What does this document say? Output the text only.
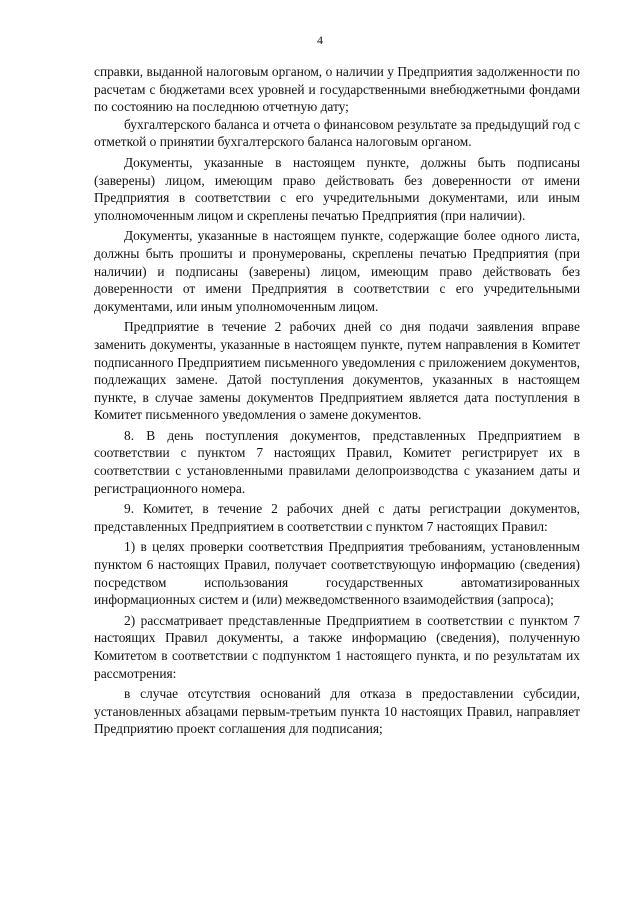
4

справки, выданной налоговым органом, о наличии у Предприятия задолженности по расчетам с бюджетами всех уровней и государственными внебюджетными фондами по состоянию на последнюю отчетную дату;

бухгалтерского баланса и отчета о финансовом результате за предыдущий год с отметкой о принятии бухгалтерского баланса налоговым органом.

Документы, указанные в настоящем пункте, должны быть подписаны (заверены) лицом, имеющим право действовать без доверенности от имени Предприятия в соответствии с его учредительными документами, или иным уполномоченным лицом и скреплены печатью Предприятия (при наличии).

Документы, указанные в настоящем пункте, содержащие более одного листа, должны быть прошиты и пронумерованы, скреплены печатью Предприятия (при наличии) и подписаны (заверены) лицом, имеющим право действовать без доверенности от имени Предприятия в соответствии с его учредительными документами, или иным уполномоченным лицом.

Предприятие в течение 2 рабочих дней со дня подачи заявления вправе заменить документы, указанные в настоящем пункте, путем направления в Комитет подписанного Предприятием письменного уведомления с приложением документов, подлежащих замене. Датой поступления документов, указанных в настоящем пункте, в случае замены документов Предприятием является дата поступления в Комитет письменного уведомления о замене документов.

8. В день поступления документов, представленных Предприятием в соответствии с пунктом 7 настоящих Правил, Комитет регистрирует их в соответствии с установленными правилами делопроизводства с указанием даты и регистрационного номера.

9. Комитет, в течение 2 рабочих дней с даты регистрации документов, представленных Предприятием в соответствии с пунктом 7 настоящих Правил:

1) в целях проверки соответствия Предприятия требованиям, установленным пунктом 6 настоящих Правил, получает соответствующую информацию (сведения) посредством использования государственных автоматизированных информационных систем и (или) межведомственного взаимодействия (запроса);

2) рассматривает представленные Предприятием в соответствии с пунктом 7 настоящих Правил документы, а также информацию (сведения), полученную Комитетом в соответствии с подпунктом 1 настоящего пункта, и по результатам их рассмотрения:

в случае отсутствия оснований для отказа в предоставлении субсидии, установленных абзацами первым-третьим пункта 10 настоящих Правил, направляет Предприятию проект соглашения для подписания;
